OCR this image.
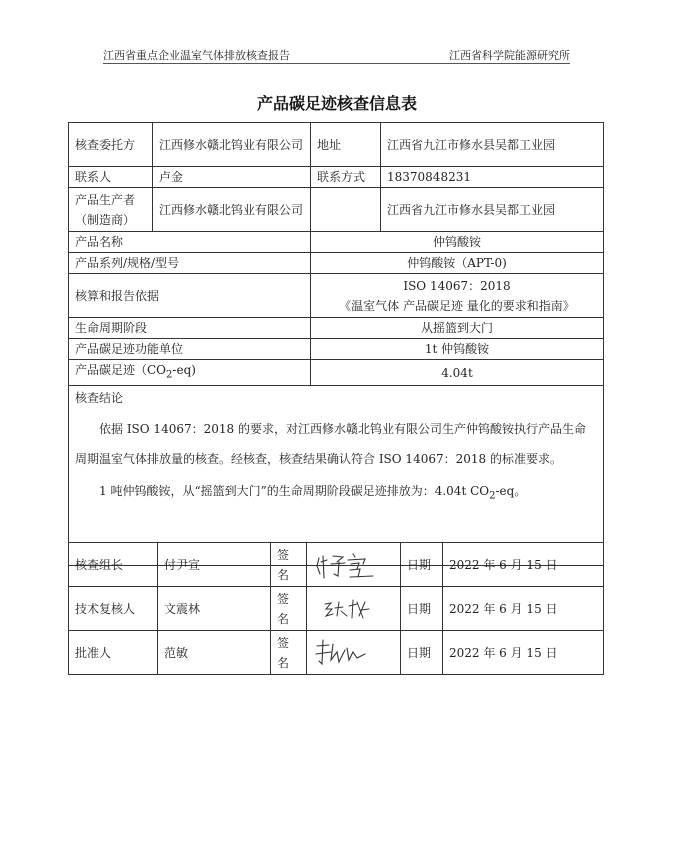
江西省重点企业温室气体排放核查报告	江西省科学院能源研究所
产品碳足迹核查信息表
核查委托方	江西修水赣北钨业有限公司	地址	江西省九江市修水县吴都工业园
联系人	卢金	联系方式	18370848231
产品生产者（制造商）	江西修水赣北钨业有限公司		江西省九江市修水县吴都工业园
产品名称		仲钨酸铵	
产品系列/规格/型号		仲钨酸铵（APT-0)	
核算和报告依据		ISO 14067：2018
《温室气体 产品碳足迹 量化的要求和指南》	

生命周期阶段		从摇篮到大门	
产品碳足迹功能单位		1t 仲钨酸铵	
产品碳足迹$(CO_2-eq)$		4.04t	

核查结论

依据 ISO 14067：2018 的要求，对江西修水赣北钨业有限公司生产仲钨酸铵执行产品生命周期温室气体排放量的核查。经核查，核查结果确认符合 ISO 14067：2018 的标准要求。

1 吨仲钨酸铵，从“摇篮到大门”的生命周期阶段碳足迹排放为：4.04t $CO_2-eq$。			

核查组长	付尹宣	签名		日期	2022 年 6 月 15 日
技术复核人	文震林	签名		日期	2022 年 6 月 15 日
批准人	范敏	签名		日期	2022 年 6 月 15 日
